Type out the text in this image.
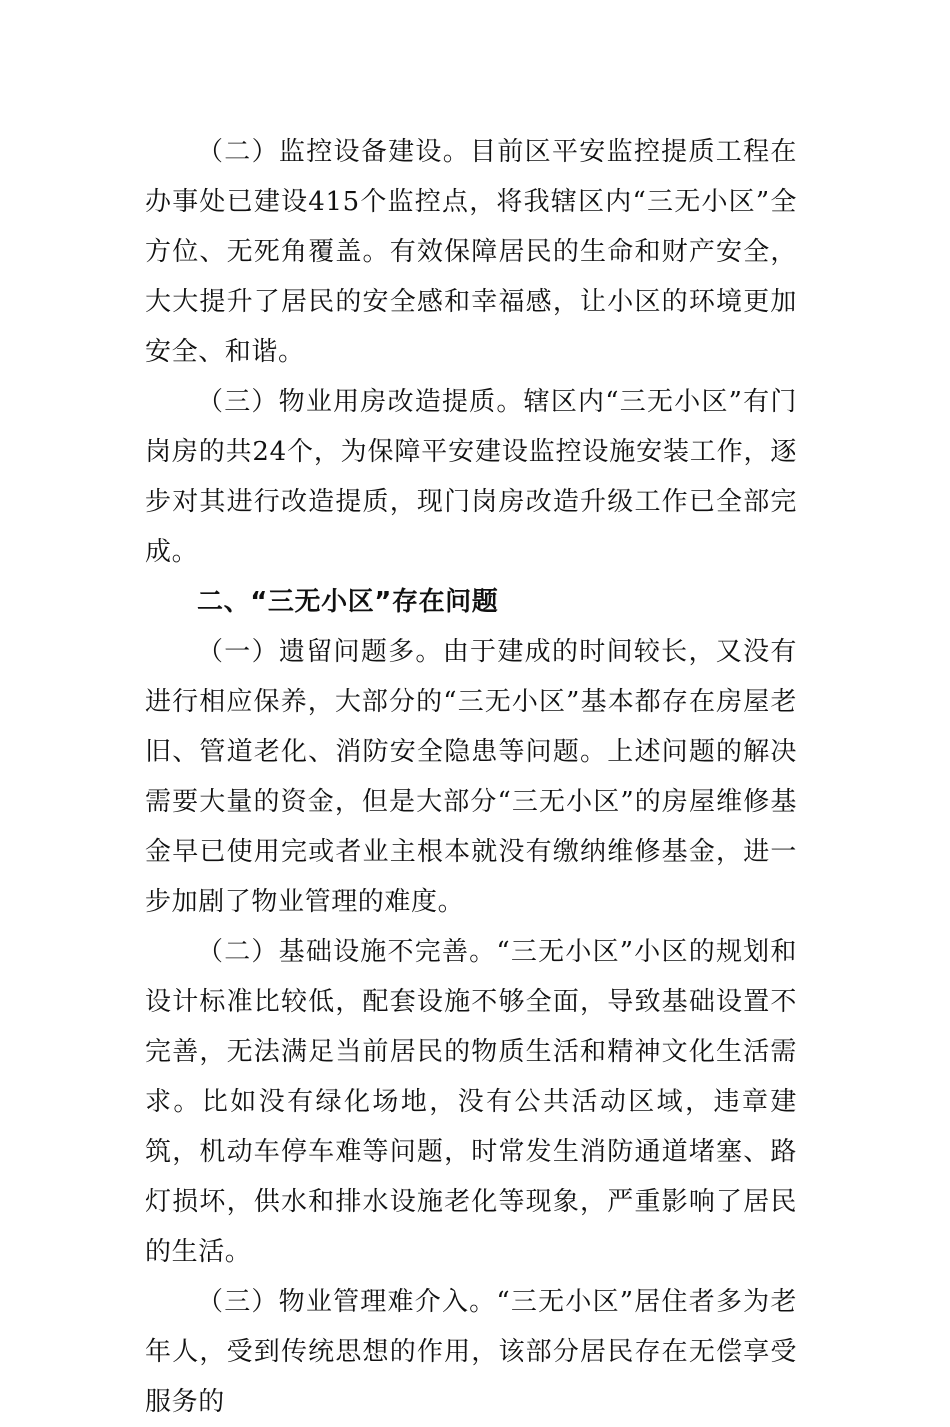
（二）监控设备建设。目前区平安监控提质工程在办事处已建设415个监控点，将我辖区内“三无小区”全方位、无死角覆盖。有效保障居民的生命和财产安全，大大提升了居民的安全感和幸福感，让小区的环境更加安全、和谐。

（三）物业用房改造提质。辖区内“三无小区”有门岗房的共24个，为保障平安建设监控设施安装工作，逐步对其进行改造提质，现门岗房改造升级工作已全部完成。

二、“三无小区”存在问题

（一）遗留问题多。由于建成的时间较长，又没有进行相应保养，大部分的“三无小区”基本都存在房屋老旧、管道老化、消防安全隐患等问题。上述问题的解决需要大量的资金，但是大部分“三无小区”的房屋维修基金早已使用完或者业主根本就没有缴纳维修基金，进一步加剧了物业管理的难度。

（二）基础设施不完善。“三无小区”小区的规划和设计标准比较低，配套设施不够全面，导致基础设置不完善，无法满足当前居民的物质生活和精神文化生活需求。比如没有绿化场地，没有公共活动区域，违章建筑，机动车停车难等问题，时常发生消防通道堵塞、路灯损坏，供水和排水设施老化等现象，严重影响了居民的生活。

（三）物业管理难介入。“三无小区”居住者多为老年人，受到传统思想的作用，该部分居民存在无偿享受服务的
